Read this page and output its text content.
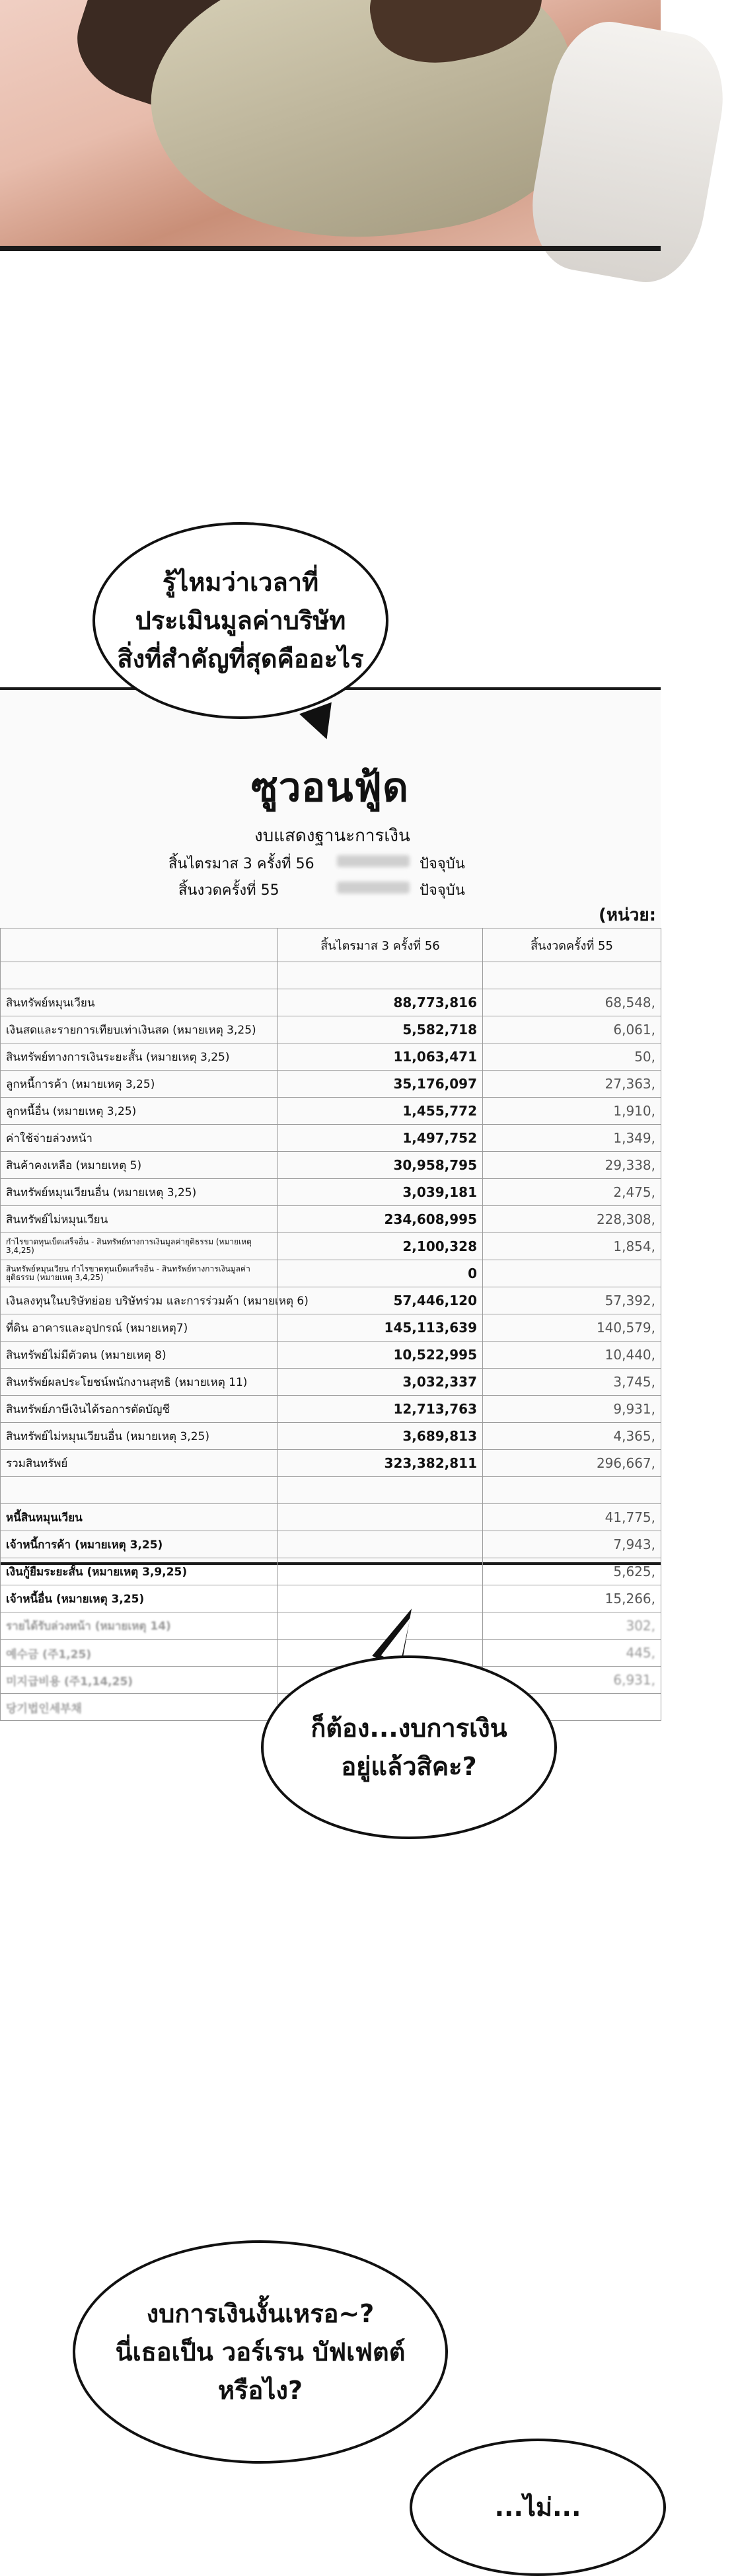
ซูวอนฟู้ด
งบแสดงฐานะการเงิน
สิ้นไตรมาส 3 ครั้งที่ 56	ปัจจุบัน
สิ้นงวดครั้งที่ 55	ปัจจุบัน
(หน่วย:
	สิ้นไตรมาส 3 ครั้งที่ 56	สิ้นงวดครั้งที่ 55

สินทรัพย์หมุนเวียน	88,773,816	68,548,
เงินสดและรายการเทียบเท่าเงินสด (หมายเหตุ 3,25)	5,582,718	6,061,
สินทรัพย์ทางการเงินระยะสั้น (หมายเหตุ 3,25)	11,063,471	50,
ลูกหนี้การค้า (หมายเหตุ 3,25)	35,176,097	27,363,
ลูกหนี้อื่น (หมายเหตุ 3,25)	1,455,772	1,910,
ค่าใช้จ่ายล่วงหน้า	1,497,752	1,349,
สินค้าคงเหลือ (หมายเหตุ 5)	30,958,795	29,338,
สินทรัพย์หมุนเวียนอื่น (หมายเหตุ 3,25)	3,039,181	2,475,
สินทรัพย์ไม่หมุนเวียน	234,608,995	228,308,
กำไรขาดทุนเบ็ดเสร็จอื่น - สินทรัพย์ทางการเงินมูลค่ายุติธรรม (หมายเหตุ 3,4,25)	2,100,328	1,854,
สินทรัพย์หมุนเวียน กำไรขาดทุนเบ็ดเสร็จอื่น - สินทรัพย์ทางการเงินมูลค่ายุติธรรม (หมายเหตุ 3,4,25)	0	
เงินลงทุนในบริษัทย่อย บริษัทร่วม และการร่วมค้า (หมายเหตุ 6)	57,446,120	57,392,
ที่ดิน อาคารและอุปกรณ์ (หมายเหตุ7)	145,113,639	140,579,
สินทรัพย์ไม่มีตัวตน (หมายเหตุ 8)	10,522,995	10,440,
สินทรัพย์ผลประโยชน์พนักงานสุทธิ (หมายเหตุ 11)	3,032,337	3,745,
สินทรัพย์ภาษีเงินได้รอการตัดบัญชี	12,713,763	9,931,
สินทรัพย์ไม่หมุนเวียนอื่น (หมายเหตุ 3,25)	3,689,813	4,365,
รวมสินทรัพย์	323,382,811	296,667,

หนี้สินหมุนเวียน		41,775,
เจ้าหนี้การค้า (หมายเหตุ 3,25)		7,943,
เงินกู้ยืมระยะสั้น (หมายเหตุ 3,9,25)		5,625,
เจ้าหนี้อื่น (หมายเหตุ 3,25)		15,266,
รายได้รับล่วงหน้า (หมายเหตุ 14)		302,
예수금 (주1,25)		445,
미지급비용 (주1,14,25)		6,931,
당기법인세부채		
รู้ไหมว่าเวลาที่
ประเมินมูลค่าบริษัท
สิ่งที่สำคัญที่สุดคืออะไร
ก็ต้อง...งบการเงิน
อยู่แล้วสิคะ?
งบการเงินงั้นเหรอ~?
นี่เธอเป็น วอร์เรน บัฟเฟตต์
หรือไง?
...ไม่...
